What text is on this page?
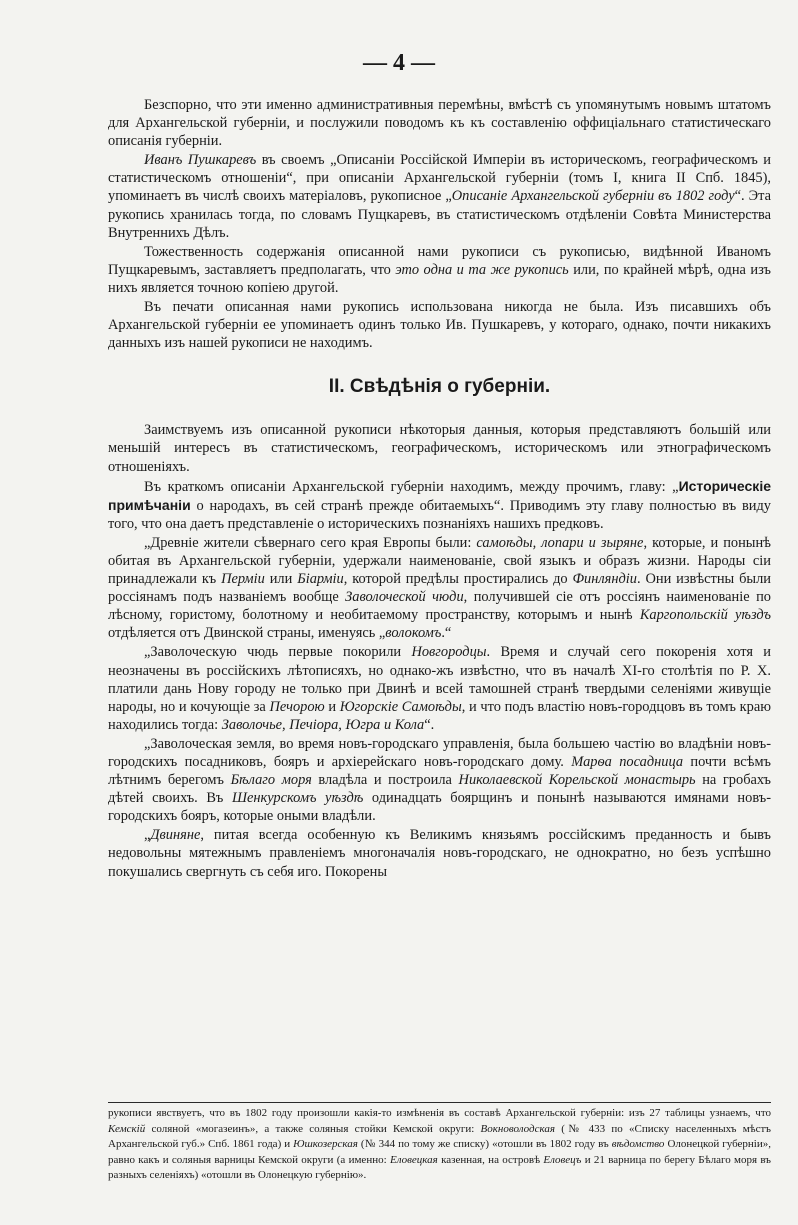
— 4 —

Безспорно, что эти именно административныя перемѣны, вмѣстѣ съ упомянутымъ новымъ штатомъ для Архангельской губерніи, и послужили поводомъ къ къ составленію оффиціальнаго статистическаго описанія губерніи.

Иванъ Пушкаревъ въ своемъ „Описаніи Россійской Имперіи въ историческомъ, географическомъ и статистическомъ отношеніи“, при описаніи Архангельской губерніи (томъ I, книга II Спб. 1845), упоминаетъ въ числѣ своихъ матеріаловъ, рукописное „Описаніе Архангельской губерніи въ 1802 году“. Эта рукопись хранилась тогда, по словамъ Пущкаревъ, въ статистическомъ отдѣленіи Совѣта Министерства Внутреннихъ Дѣлъ.

Тожественность содержанія описанной нами рукописи съ рукописью, видѣнной Иваномъ Пущкаревымъ, заставляетъ предполагать, что это одна и та же рукопись или, по крайней мѣрѣ, одна изъ нихъ является точною копіею другой.

Въ печати описанная нами рукопись использована никогда не была. Изъ писавшихъ объ Архангельской губерніи ее упоминаетъ одинъ только Ив. Пушкаревъ, у котораго, однако, почти никакихъ данныхъ изъ нашей рукописи не находимъ.

II. Свѣдѣнія о губерніи.

Заимствуемъ изъ описанной рукописи нѣкоторыя данныя, которыя представляютъ большій или меньшій интересъ въ статистическомъ, географическомъ, историческомъ или этнографическомъ отношеніяхъ.

Въ краткомъ описаніи Архангельской губерніи находимъ, между прочимъ, главу: „Историческіе примѣчаніи о народахъ, въ сей странѣ прежде обитаемыхъ“. Приводимъ эту главу полностью въ виду того, что она даетъ представленіе о историческихъ познаніяхъ нашихъ предковъ.

„Древніе жители сѣвернаго сего края Европы были: самоѣды, лопари и зыряне, которые, и понынѣ обитая въ Архангельской губерніи, удержали наименованіе, свой языкъ и образъ жизни. Народы сіи принадлежали къ Перміи или Біарміи, которой предѣлы простирались до Финляндіи. Они извѣстны были россіянамъ подъ названіемъ вообще Заволоческой чюди, получившей сіе отъ россіянъ наименованіе по лѣсному, гористому, болотному и необитаемому пространству, которымъ и нынѣ Каргопольскій уѣздъ отдѣляется отъ Двинской страны, именуясь „волокомъ.“

„Заволоческую чюдь первые покорили Новгородцы. Время и случай сего покоренія хотя и неозначены въ россійскихъ лѣтописяхъ, но однако-жъ извѣстно, что въ началѣ XI-го столѣтія по Р. Х. платили дань Нову городу не только при Двинѣ и всей тамошней странѣ твердыми селеніями живущіе народы, но и кочующіе за Печорою и Югорскіе Самоѣды, и что подъ властію новъ-городцовъ въ томъ краю находились тогда: Заволочье, Печіора, Югра и Кола“.

„Заволоческая земля, во время новъ-городскаго управленія, была большею частію во владѣніи новъ-городскихъ посадниковъ, бояръ и архіерейскаго новъ-городскаго дому. Марѳа посадница почти всѣмъ лѣтнимъ берегомъ Бѣлаго моря владѣла и построила Николаевской Корельской монастырь на гробахъ дѣтей своихъ. Въ Шенкурскомъ уѣздѣ одинадцать боярщинъ и понынѣ называются имянами новъ-городскихъ бояръ, которые оными владѣли.

„Двиняне, питая всегда особенную къ Великимъ князьямъ россійскимъ преданность и бывъ недовольны мятежнымъ правленіемъ многоначалія новъ-городскаго, не однократно, но безъ успѣшно покушались свергнуть съ себя иго. Покорены

рукописи явствуетъ, что въ 1802 году произошли какія-то измѣненія въ составѣ Архангельской губерніи: изъ 27 таблицы узнаемъ, что Кемскій соляной «могазеинъ», а также соляныя стойки Кемской округи: Вокноволодская (№ 433 по «Списку населенныхъ мѣстъ Архангельской губ.» Спб. 1861 года) и Юшкозерская (№ 344 по тому же списку) «отошли въ 1802 году въ вѣдомство Олонецкой губерніи», равно какъ и соляныя варницы Кемской округи (а именно: Еловецкая казенная, на островѣ Еловецъ и 21 варница по берегу Бѣлаго моря въ разныхъ селеніяхъ) «отошли въ Олонецкую губернію».
